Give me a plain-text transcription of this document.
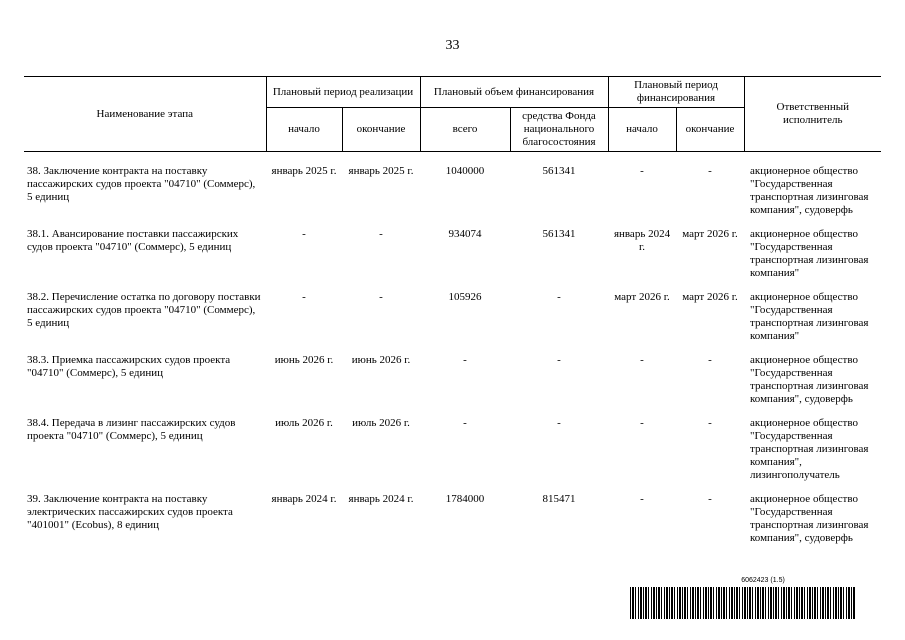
33
Наименование этапа	Плановый период реализации		Плановый объем финансирования		Плановый период финансирования		Ответственный исполнитель
	начало	окончание	всего	средства Фонда национального благосостояния	начало	окончание	
38. Заключение контракта на поставку пассажирских судов проекта "04710" (Соммерс), 5 единиц	январь 2025 г.	январь 2025 г.	1040000	561341	-	-	акционерное общество "Государственная транспортная лизинговая компания", судоверфь
38.1. Авансирование поставки пассажирских судов проекта "04710" (Соммерс), 5 единиц	-	-	934074	561341	январь 2024 г.	март 2026 г.	акционерное общество "Государственная транспортная лизинговая компания"
38.2. Перечисление остатка по договору поставки пассажирских судов проекта "04710" (Соммерс), 5 единиц	-	-	105926	-	март 2026 г.	март 2026 г.	акционерное общество "Государственная транспортная лизинговая компания"
38.3. Приемка пассажирских судов проекта "04710" (Соммерс), 5 единиц	июнь 2026 г.	июнь 2026 г.	-	-	-	-	акционерное общество "Государственная транспортная лизинговая компания", судоверфь
38.4. Передача в лизинг пассажирских судов проекта "04710" (Соммерс), 5 единиц	июль 2026 г.	июль 2026 г.	-	-	-	-	акционерное общество "Государственная транспортная лизинговая компания", лизингополучатель
39. Заключение контракта на поставку электрических пассажирских судов проекта "401001" (Ecobus), 8 единиц	январь 2024 г.	январь 2024 г.	1784000	815471	-	-	акционерное общество "Государственная транспортная лизинговая компания", судоверфь
6062423 (1.5)
